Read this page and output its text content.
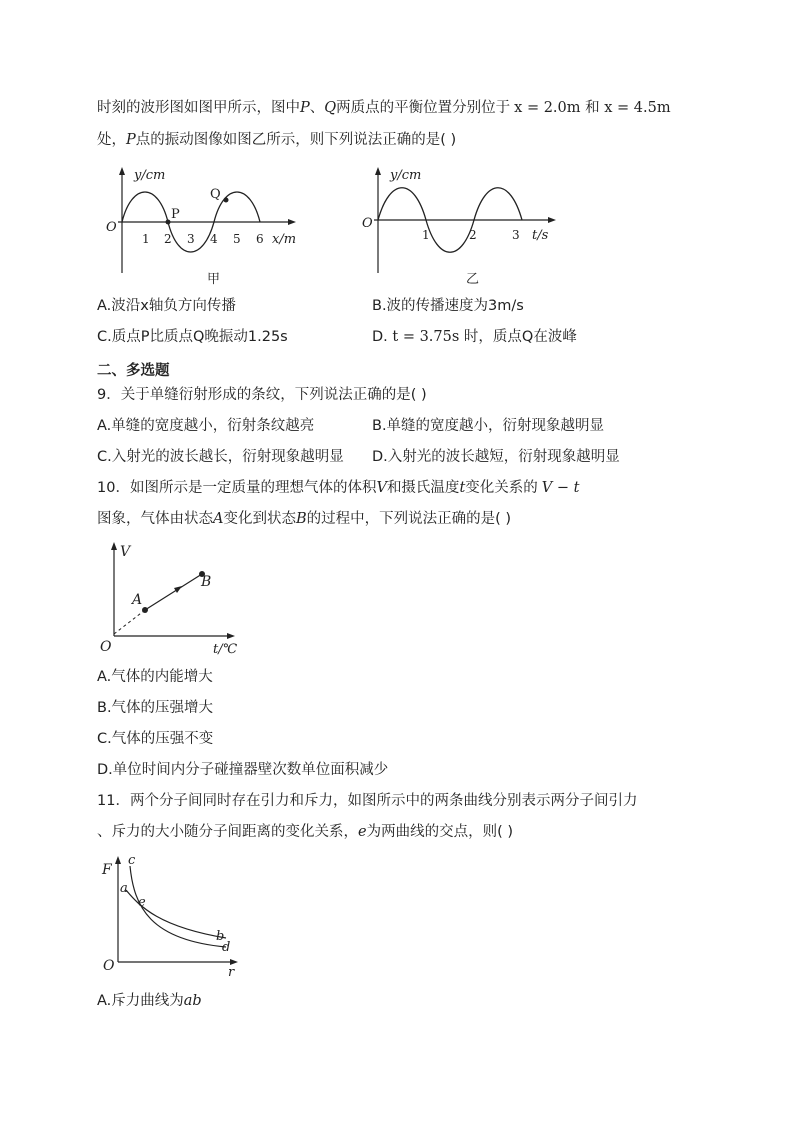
时刻的波形图如图甲所示，图中P、Q两质点的平衡位置分别位于 x = 2.0m 和 x = 4.5m
处，P点的振动图像如图乙所示，则下列说法正确的是( )
y/cm
O
P
Q
1 2 3 4 5 6 x/m
甲
y/cm
O
1	2	3 t/s
乙
A.波沿x轴负方向传播	B.波的传播速度为3m/s
C.质点P比质点Q晚振动1.25s	D. t = 3.75s 时，质点Q在波峰
二、多选题
9．关于单缝衍射形成的条纹，下列说法正确的是( )
A.单缝的宽度越小，衍射条纹越亮	B.单缝的宽度越小，衍射现象越明显
C.入射光的波长越长，衍射现象越明显 D.入射光的波长越短，衍射现象越明显
10．如图所示是一定质量的理想气体的体积V和摄氏温度t变化关系的 V − t
图象，气体由状态A变化到状态B的过程中，下列说法正确的是( )
V
O	t/℃
A
B
A.气体的内能增大
B.气体的压强增大
C.气体的压强不变
D.单位时间内分子碰撞器壁次数单位面积减少
11．两个分子间同时存在引力和斥力，如图所示中的两条曲线分别表示两分子间引力
、斥力的大小随分子间距离的变化关系，e为两曲线的交点，则( )
F
O	r
a
c
e
b
d
A.斥力曲线为ab
